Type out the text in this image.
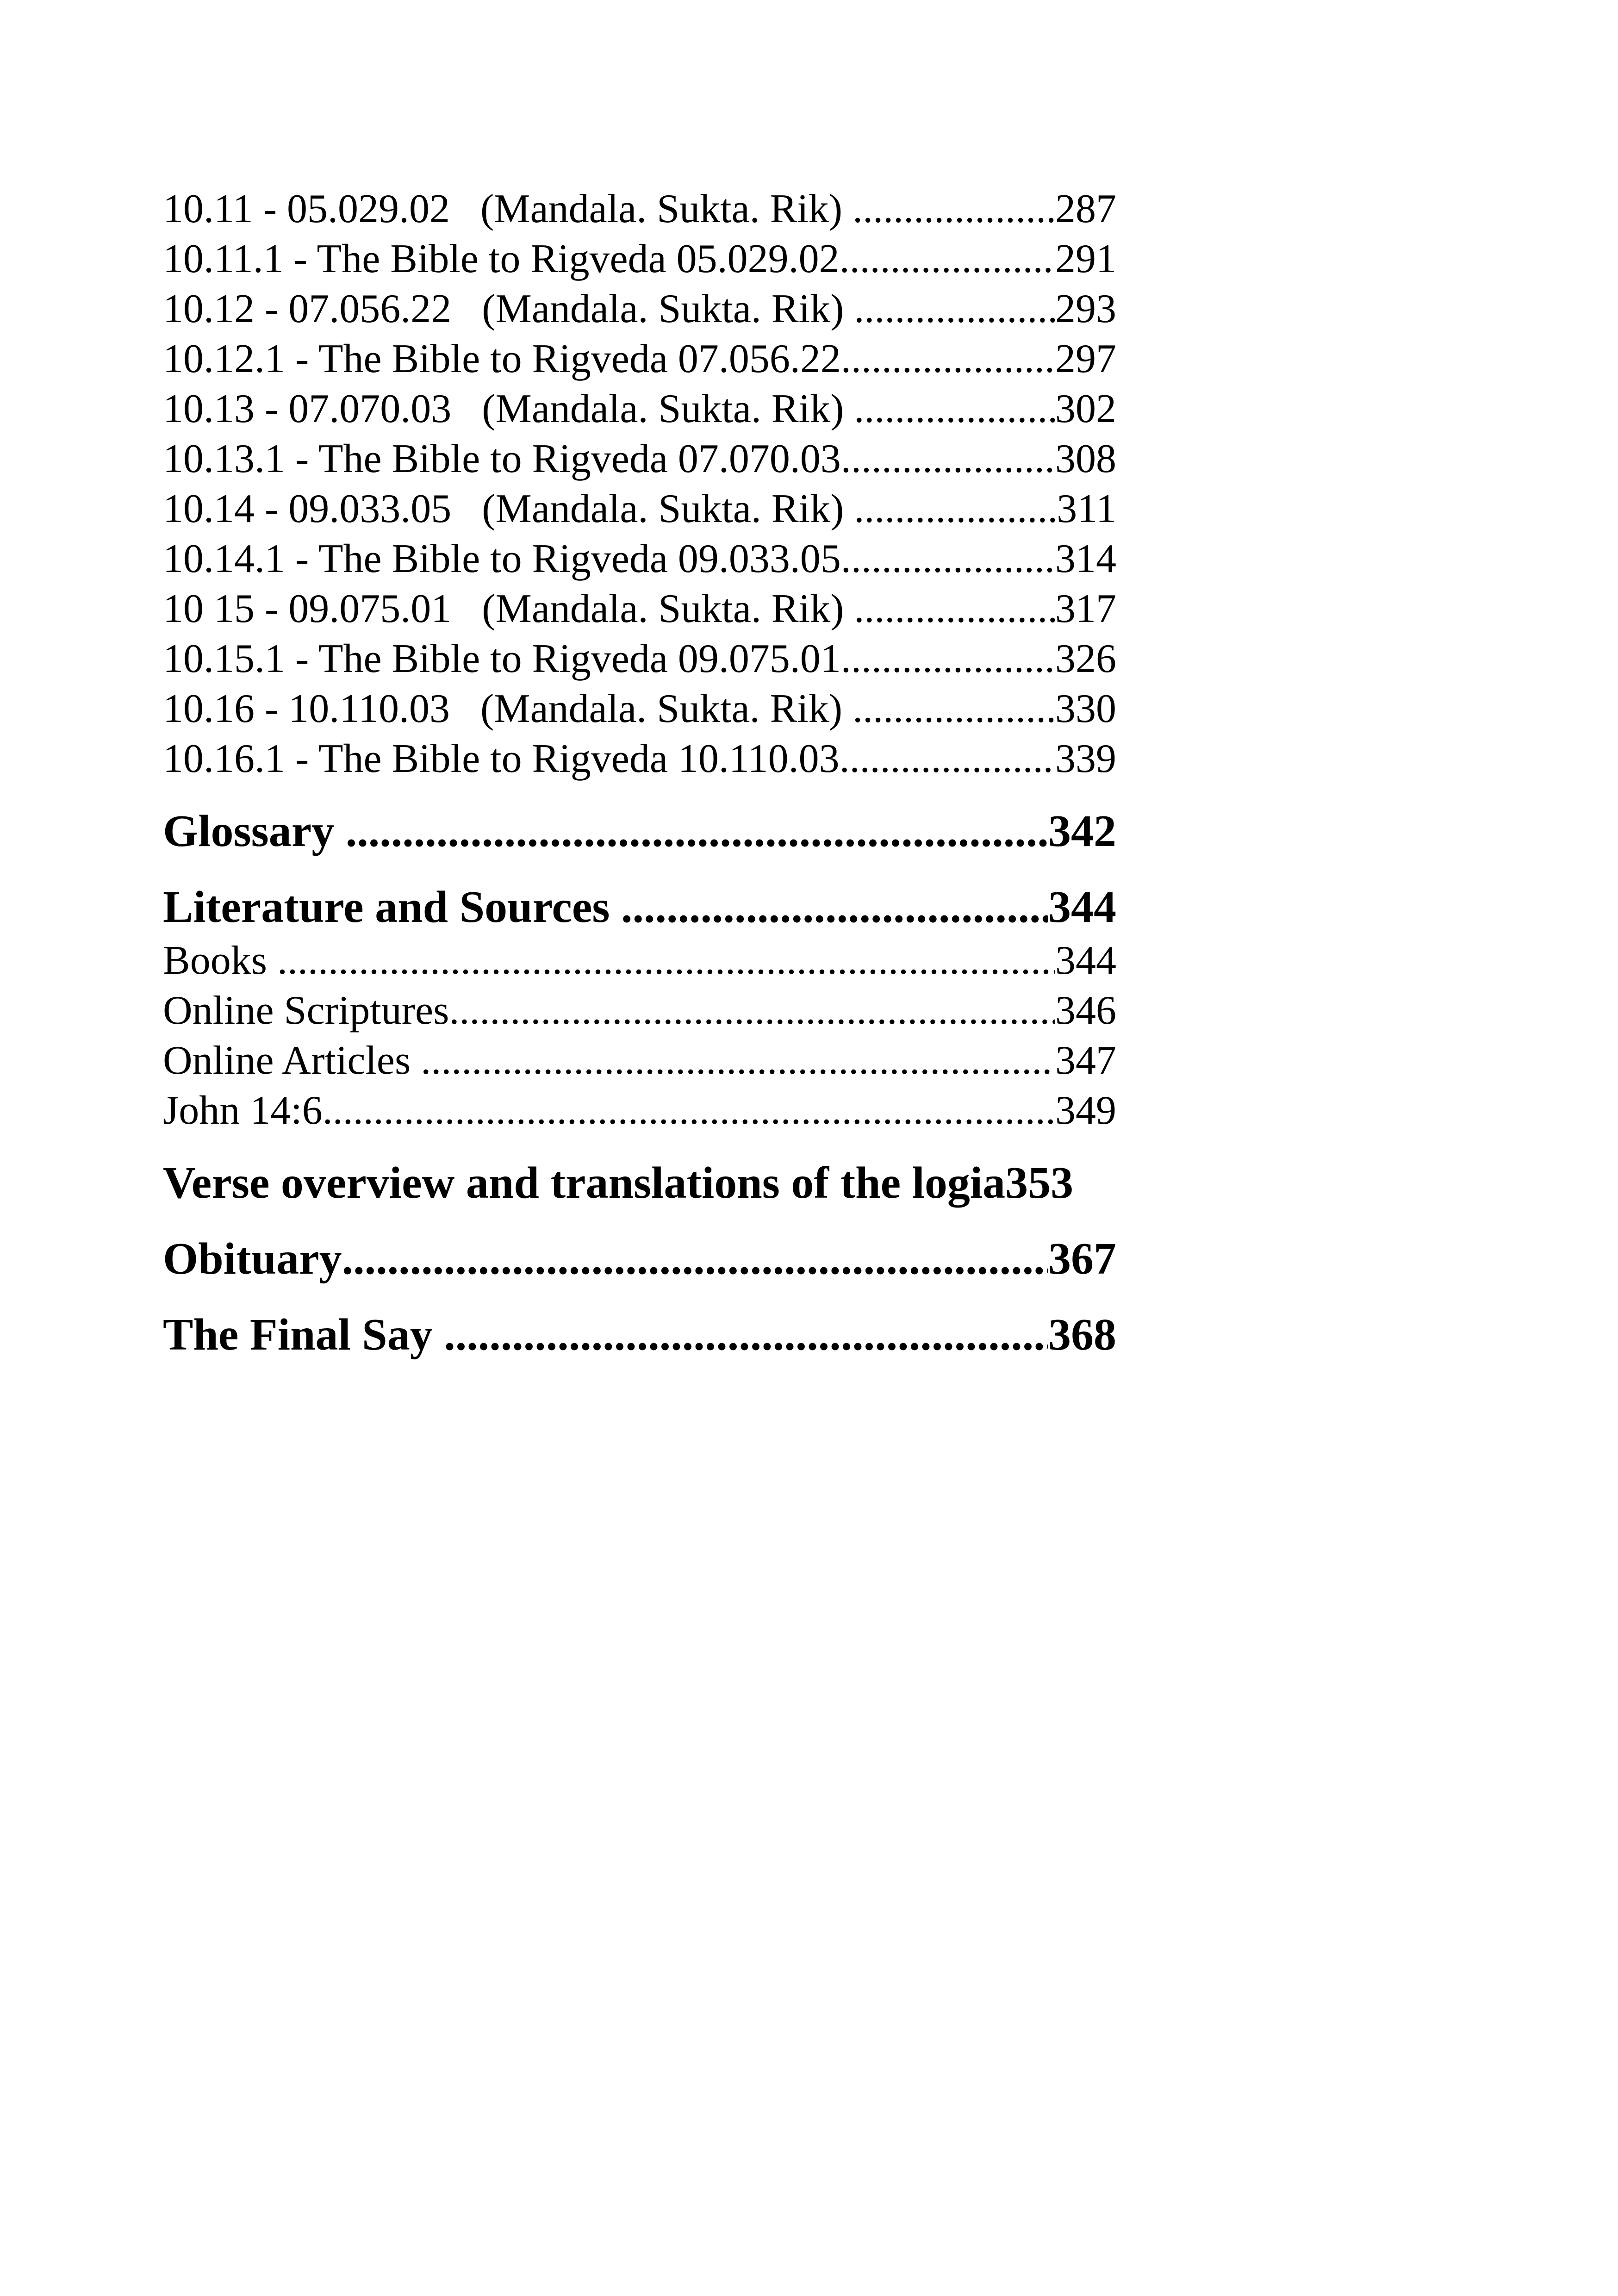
10.11 - 05.029.02   (Mandala. Sukta. Rik) .....	287
10.11.1 - The Bible to Rigveda 05.029.02 .....	291
10.12 - 07.056.22   (Mandala. Sukta. Rik) .....	293
10.12.1 - The Bible to Rigveda 07.056.22 .....	297
10.13 - 07.070.03   (Mandala. Sukta. Rik) .....	302
10.13.1 - The Bible to Rigveda 07.070.03 .....	308
10.14 - 09.033.05   (Mandala. Sukta. Rik) .....	311
10.14.1 - The Bible to Rigveda 09.033.05 .....	314
10 15 - 09.075.01   (Mandala. Sukta. Rik) .....	317
10.15.1 - The Bible to Rigveda 09.075.01 .....	326
10.16 - 10.110.03   (Mandala. Sukta. Rik) .....	330
10.16.1 - The Bible to Rigveda 10.110.03 .....	339
Glossary .....	342
Literature and Sources .....	344
Books .....	344
Online Scriptures .....	346
Online Articles .....	347
John 14:6 .....	349
Verse overview and translations of the logia 353
Obituary .....	367
The Final Say .....	368
